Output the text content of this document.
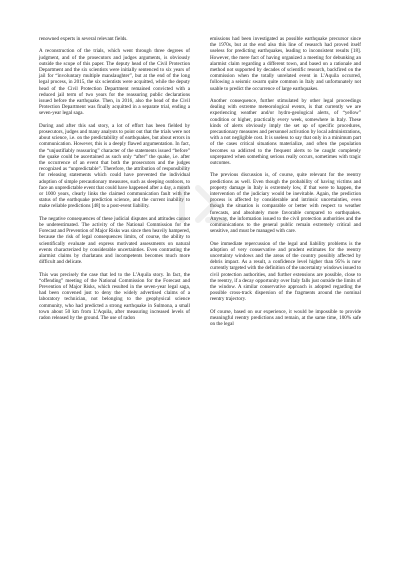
renowned experts in several relevant fields.

A reconstruction of the trials, which went through three degrees of judgment, and of the prosecutors and judges arguments, is obviously outside the scope of this paper. The deputy head of the Civil Protection Department and the six scientists were initially sentenced to six years of jail for “involuntary multiple manslaughter”, but at the end of the long legal process, in 2015, the six scientists were acquitted, while the deputy head of the Civil Protection Department remained convicted with a reduced jail term of two years for the reassuring public declarations issued before the earthquake. Then, in 2016, also the head of the Civil Protection Department was finally acquitted in a separate trial, ending a seven-year legal saga.

During and after this sad story, a lot of effort has been fielded by prosecutors, judges and many analysts to point out that the trials were not about science, i.e. on the predictability of earthquakes, but about errors in communication. However, this is a deeply flawed argumentation. In fact, the “unjustifiably reassuring” character of the statements issued “before” the quake could be ascertained as such only “after” the quake, i.e. after the occurrence of an event that both the prosecutors and the judges recognized as “unpredictable”. Therefore, the attribution of responsibility for releasing statements which could have prevented the individual adoption of simple precautionary measures, such as sleeping outdoors, to face an unpredictable event that could have happened after a day, a month or 1000 years, clearly links the claimed communication fault with the status of the earthquake prediction science, and the current inability to make reliable predictions [48] to a post-event liability.

The negative consequences of these judicial disputes and attitudes cannot be underestimated. The activity of the National Commission for the Forecast and Prevention of Major Risks was since then heavily hampered, because the risk of legal consequences limits, of course, the ability to scientifically evaluate and express motivated assessments on natural events characterized by considerable uncertainties. Even contrasting the alarmist claims by charlatans and incompetents becomes much more difficult and delicate.

This was precisely the case that led to the L’Aquila story. In fact, the “offending” meeting of the National Commission for the Forecast and Prevention of Major Risks, which resulted in the seven-year legal saga, had been convened just to deny the widely advertised claims of a laboratory technician, not belonging to the geophysical science community, who had predicted a strong earthquake in Sulmona, a small town about 50 km from L’Aquila, after measuring increased levels of radon released by the ground. The use of radon

emissions had been investigated as possible earthquake precursor since the 1970s, but at the end also this line of research had proved itself useless for predicting earthquakes, leading to inconsistent results [18]. However, the mere fact of having organized a meeting for debunking an alarmist claim regarding a different town, and based on a rationale and method not supported by decades of scientific research, backfired on the commission when the totally unrelated event in L’Aquila occurred, following a seismic swarm quite common in Italy and unfortunately not usable to predict the occurrence of large earthquakes.

Another consequence, further stimulated by other legal proceedings dealing with extreme meteorological events, is that currently we are experiencing weather and/or hydro-geological alerts, of “yellow” condition or higher, practically every week, somewhere in Italy. These kinds of alerts obviously imply the set up of specific procedures, precautionary measures and personnel activation by local administrations, with a not negligible cost. It is useless to say that only in a minimum part of the cases critical situations materialize, and often the population becomes so addicted to the frequent alerts to be caught completely unprepared when something serious really occurs, sometimes with tragic outcomes.

The previous discussion is, of course, quite relevant for the reentry predictions as well. Even though the probability of having victims and property damage in Italy is extremely low, if that were to happen, the intervention of the judiciary would be inevitable. Again, the prediction process is affected by considerable and intrinsic uncertainties, even though the situation is comparable or better with respect to weather forecasts, and absolutely more favorable compared to earthquakes. Anyway, the information issued to the civil protection authorities and the communications to the general public remain extremely critical and sensitive, and must be managed with care.

One immediate repercussion of the legal and liability problems is the adoption of very conservative and prudent estimates for the reentry uncertainty windows and the areas of the country possibly affected by debris impact. As a result, a confidence level higher than 95% is now currently targeted with the definition of the uncertainty windows issued to civil protection authorities, and further extensions are possible, close to the reentry, if a decay opportunity over Italy falls just outside the limits of the window. A similar conservative approach is adopted regarding the possible cross-track dispersion of the fragments around the nominal reentry trajectory.

Of course, based on our experience, it would be impossible to provide meaningful reentry predictions and remain, at the same time, 100% safe on the legal
